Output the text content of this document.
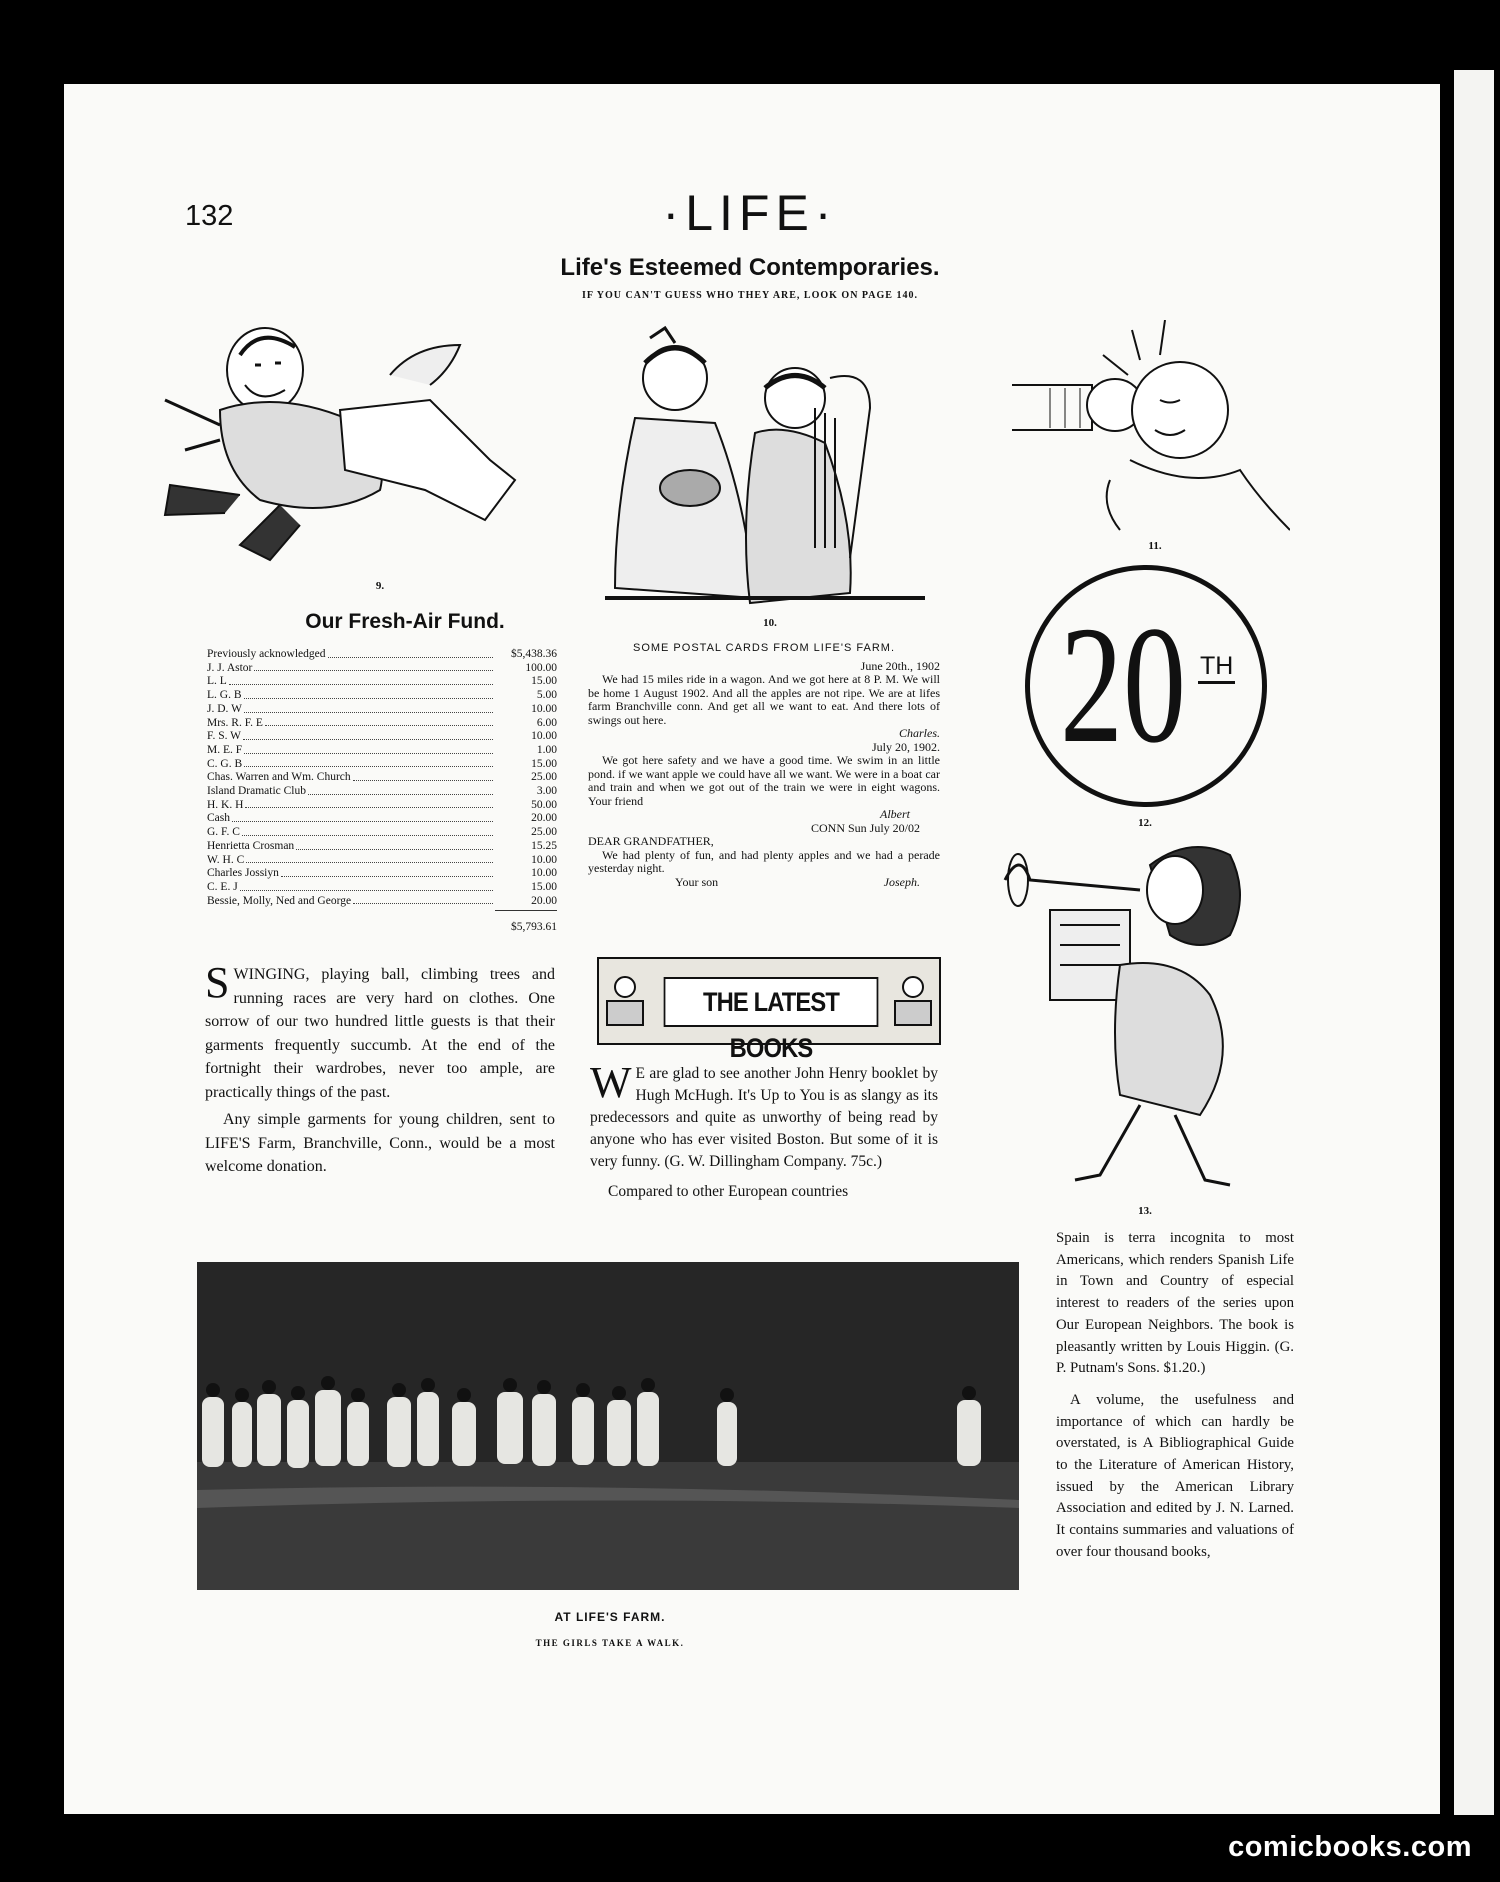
132	·LIFE·
Life's Esteemed Contemporaries.
IF YOU CAN'T GUESS WHO THEY ARE, LOOK ON PAGE 140.
9.
10.
11.
20 TH
12.
13.
Our Fresh-Air Fund.
Previously acknowledged	$5,438.36
J. J. Astor	100.00
L. L	15.00
L. G. B	5.00
J. D. W	10.00
Mrs. R. F. E	6.00
F. S. W	10.00
M. E. F	1.00
C. G. B	15.00
Chas. Warren and Wm. Church	25.00
Island Dramatic Club	3.00
H. K. H	50.00
Cash	20.00
G. F. C	25.00
Henrietta Crosman	15.25
W. H. C	10.00
Charles Jossiyn	10.00
C. E. J	15.00
Bessie, Molly, Ned and George	20.00
$5,793.61
S WINGING, playing ball, climbing trees and running races are very hard on clothes. One sorrow of our two hundred little guests is that their garments frequently succumb. At the end of the fortnight their wardrobes, never too ample, are practically things of the past.
Any simple garments for young children, sent to LIFE'S Farm, Branchville, Conn., would be a most welcome donation.
SOME POSTAL CARDS FROM LIFE'S FARM.
June 20th., 1902
We had 15 miles ride in a wagon. And we got here at 8 P. M. We will be home 1 August 1902. And all the apples are not ripe. We are at lifes farm Branchville conn. And get all we want to eat. And there lots of swings out here.
Charles.
July 20, 1902.
We got here safety and we have a good time. We swim in an little pond. if we want apple we could have all we want. We were in a boat car and train and when we got out of the train we were in eight wagons. Your friend
Albert
CONN Sun July 20/02
DEAR GRANDFATHER,
We had plenty of fun, and had plenty apples and we had a perade yesterday night.
Your son	Joseph.
THE LATEST BOOKS
W E are glad to see another John Henry booklet by Hugh McHugh. It's Up to You is as slangy as its predecessors and quite as unworthy of being read by anyone who has ever visited Boston. But some of it is very funny. (G. W. Dillingham Company. 75c.)
Compared to other European countries
Spain is terra incognita to most Americans, which renders Spanish Life in Town and Country of especial interest to readers of the series upon Our European Neighbors. The book is pleasantly written by Louis Higgin. (G. P. Putnam's Sons. $1.20.)
A volume, the usefulness and importance of which can hardly be overstated, is A Bibliographical Guide to the Literature of American History, issued by the American Library Association and edited by J. N. Larned. It contains summaries and valuations of over four thousand books,
AT LIFE'S FARM.
THE GIRLS TAKE A WALK.
comicbooks.com
